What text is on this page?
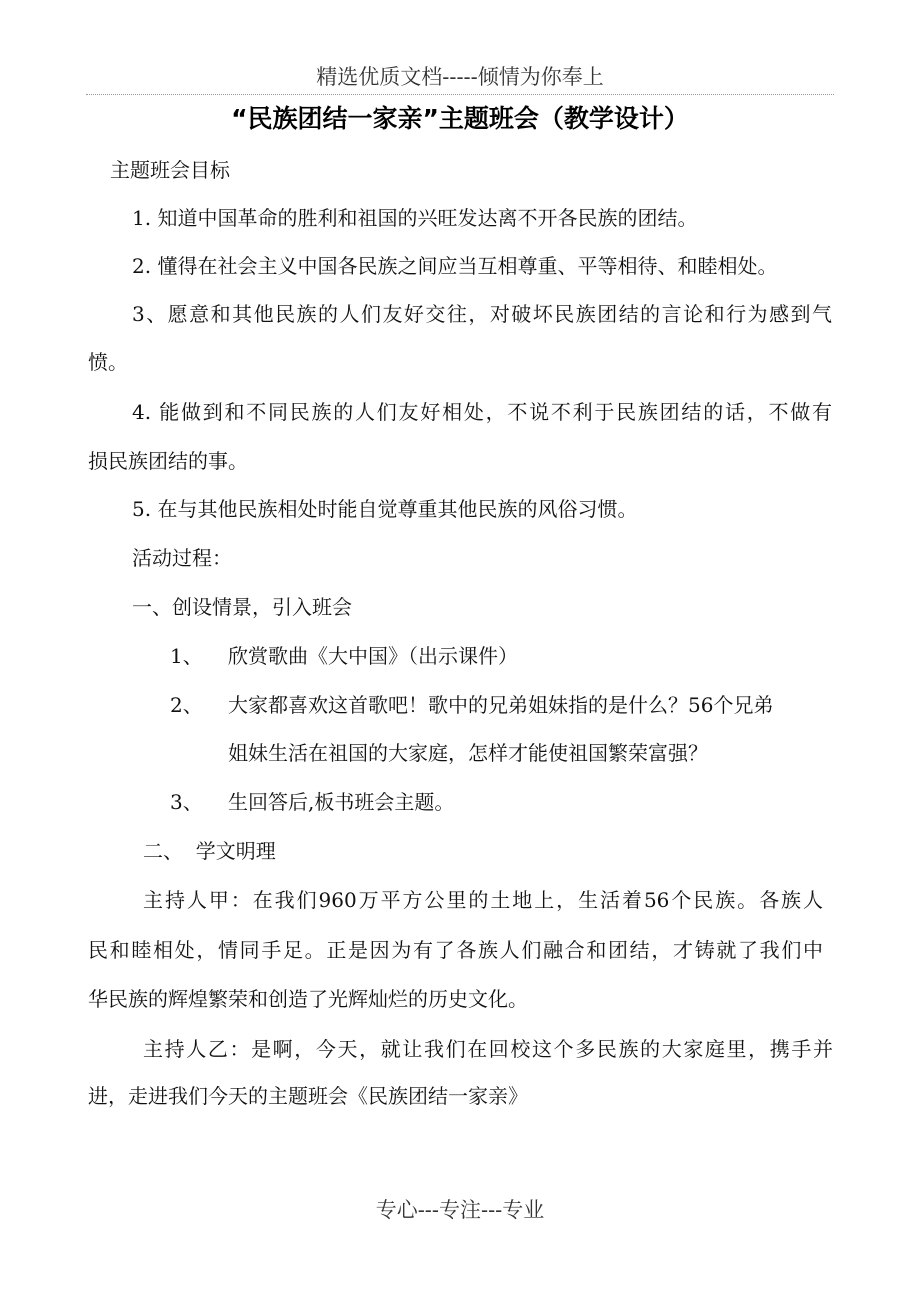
精选优质文档-----倾情为你奉上
“民族团结一家亲”主题班会（教学设计）
主题班会目标
1. 知道中国革命的胜利和祖国的兴旺发达离不开各民族的团结。
2. 懂得在社会主义中国各民族之间应当互相尊重、平等相待、和睦相处。
3、愿意和其他民族的人们友好交往，对破坏民族团结的言论和行为感到气
愤。
4. 能做到和不同民族的人们友好相处，不说不利于民族团结的话，不做有
损民族团结的事。
5. 在与其他民族相处时能自觉尊重其他民族的风俗习惯。
活动过程：
一、创设情景，引入班会
1、 欣赏歌曲《大中国》（出示课件）
2、 大家都喜欢这首歌吧！歌中的兄弟姐妹指的是什么？56个兄弟
姐妹生活在祖国的大家庭，怎样才能使祖国繁荣富强？
3、 生回答后,板书班会主题。
二、  学文明理
主持人甲：在我们960万平方公里的土地上，生活着56个民族。各族人
民和睦相处，情同手足。正是因为有了各族人们融合和团结，才铸就了我们中
华民族的辉煌繁荣和创造了光辉灿烂的历史文化。
主持人乙：是啊，今天，就让我们在回校这个多民族的大家庭里，携手并
进，走进我们今天的主题班会《民族团结一家亲》
专心---专注---专业
